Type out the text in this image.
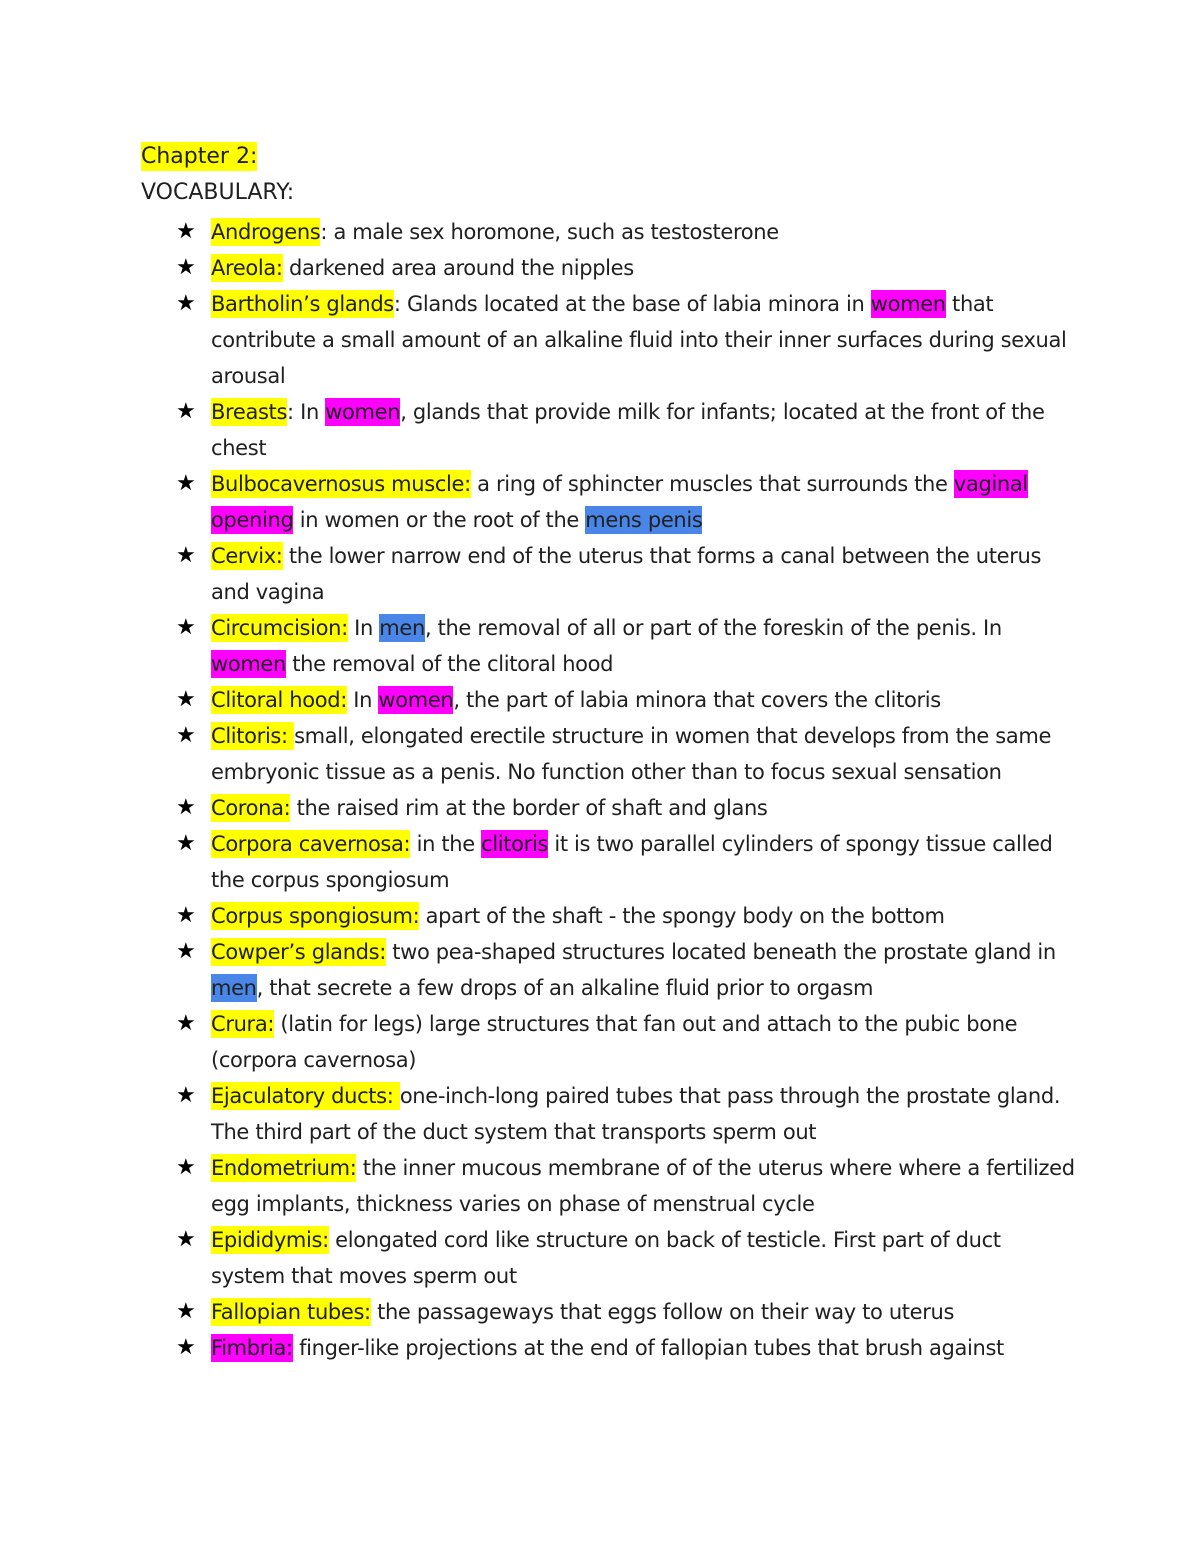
Chapter 2:
VOCABULARY:
★ Androgens: a male sex horomone, such as testosterone
★ Areola: darkened area around the nipples
★ Bartholin’s glands: Glands located at the base of labia minora in women that contribute a small amount of an alkaline fluid into their inner surfaces during sexual arousal
★ Breasts: In women, glands that provide milk for infants; located at the front of the chest
★ Bulbocavernosus muscle: a ring of sphincter muscles that surrounds the vaginal opening in women or the root of the mens penis
★ Cervix: the lower narrow end of the uterus that forms a canal between the uterus and vagina
★ Circumcision: In men, the removal of all or part of the foreskin of the penis. In women the removal of the clitoral hood
★ Clitoral hood: In women, the part of labia minora that covers the clitoris
★ Clitoris: small, elongated erectile structure in women that develops from the same embryonic tissue as a penis. No function other than to focus sexual sensation
★ Corona: the raised rim at the border of shaft and glans
★ Corpora cavernosa: in the clitoris it is two parallel cylinders of spongy tissue called the corpus spongiosum
★ Corpus spongiosum: apart of the shaft - the spongy body on the bottom
★ Cowper’s glands: two pea-shaped structures located beneath the prostate gland in men, that secrete a few drops of an alkaline fluid prior to orgasm
★ Crura: (latin for legs) large structures that fan out and attach to the pubic bone (corpora cavernosa)
★ Ejaculatory ducts: one-inch-long paired tubes that pass through the prostate gland. The third part of the duct system that transports sperm out
★ Endometrium: the inner mucous membrane of of the uterus where where a fertilized egg implants, thickness varies on phase of menstrual cycle
★ Epididymis: elongated cord like structure on back of testicle. First part of duct system that moves sperm out
★ Fallopian tubes: the passageways that eggs follow on their way to uterus
★ Fimbria: finger-like projections at the end of fallopian tubes that brush against
